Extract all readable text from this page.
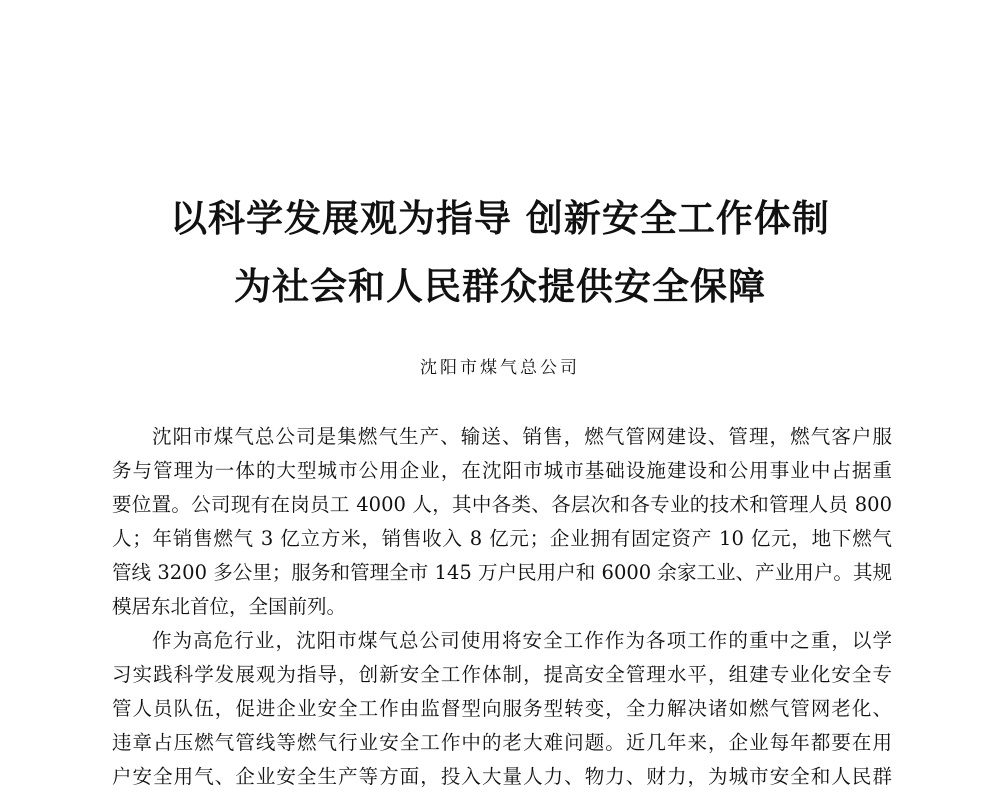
以科学发展观为指导 创新安全工作体制
为社会和人民群众提供安全保障
沈阳市煤气总公司
沈阳市煤气总公司是集燃气生产、输送、销售，燃气管网建设、管理，燃气客户服
务与管理为一体的大型城市公用企业，在沈阳市城市基础设施建设和公用事业中占据重
要位置。公司现有在岗员工 4000 人，其中各类、各层次和各专业的技术和管理人员 800
人；年销售燃气 3 亿立方米，销售收入 8 亿元；企业拥有固定资产 10 亿元，地下燃气
管线 3200 多公里；服务和管理全市 145 万户民用户和 6000 余家工业、产业用户。其规
模居东北首位，全国前列。
作为高危行业，沈阳市煤气总公司使用将安全工作作为各项工作的重中之重，以学
习实践科学发展观为指导，创新安全工作体制，提高安全管理水平，组建专业化安全专
管人员队伍，促进企业安全工作由监督型向服务型转变，全力解决诸如燃气管网老化、
违章占压燃气管线等燃气行业安全工作中的老大难问题。近几年来，企业每年都要在用
户安全用气、企业安全生产等方面，投入大量人力、物力、财力，为城市安全和人民群
